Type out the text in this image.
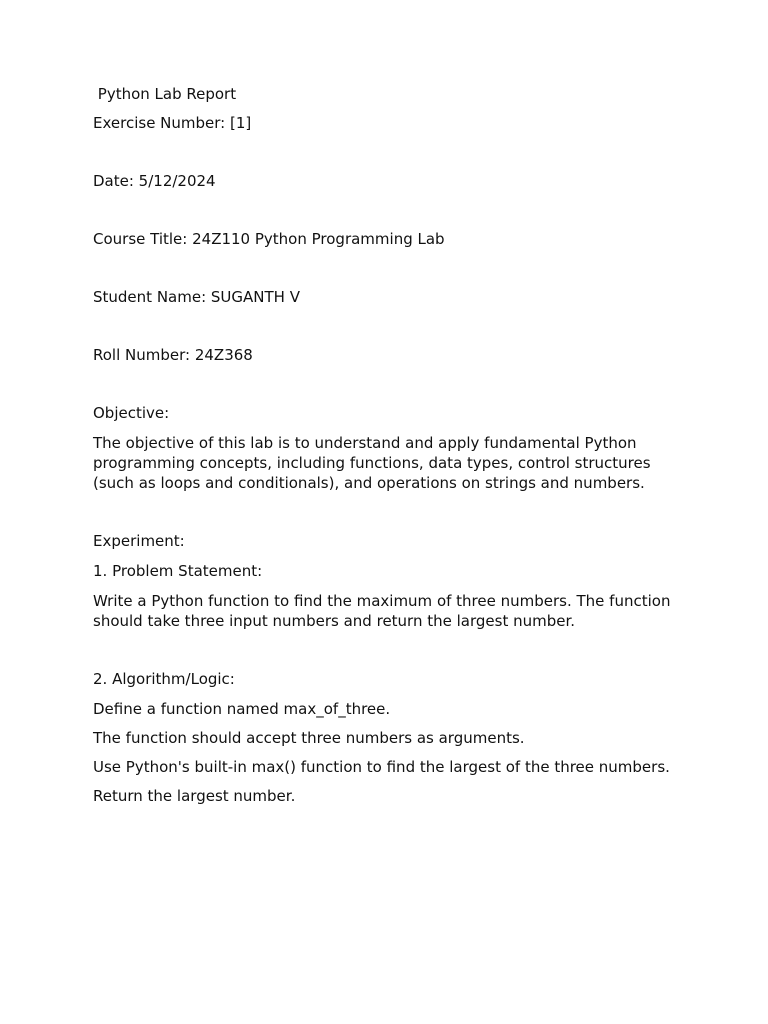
Python Lab Report

Exercise Number: [1]

Date: 5/12/2024

Course Title: 24Z110 Python Programming Lab

Student Name: SUGANTH V

Roll Number: 24Z368

Objective:

The objective of this lab is to understand and apply fundamental Python programming concepts, including functions, data types, control structures (such as loops and conditionals), and operations on strings and numbers.

Experiment:

1. Problem Statement:

Write a Python function to find the maximum of three numbers. The function should take three input numbers and return the largest number.

2. Algorithm/Logic:

Define a function named max_of_three.

The function should accept three numbers as arguments.

Use Python's built-in max() function to find the largest of the three numbers.

Return the largest number.
